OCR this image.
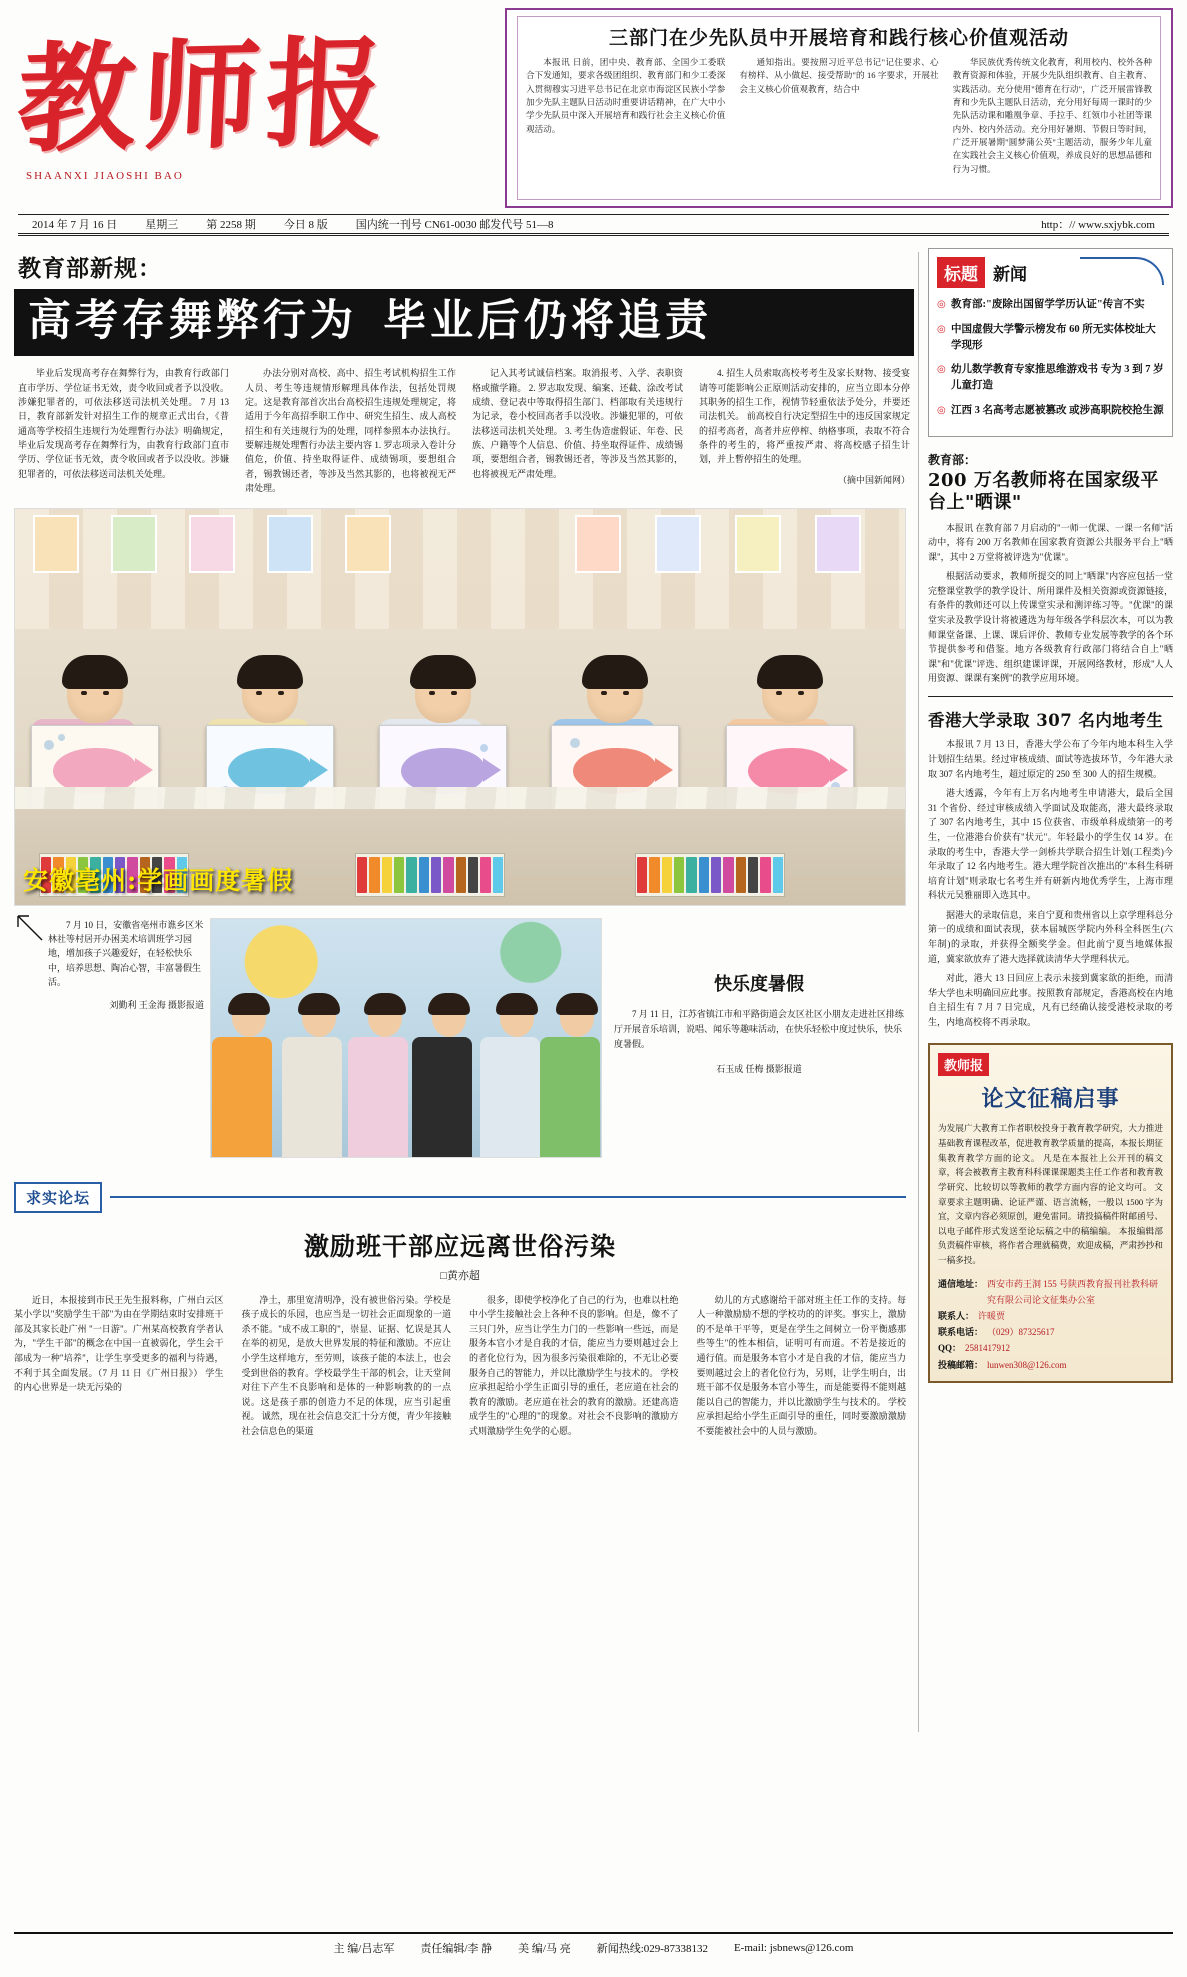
教师报
SHAANXI JIAOSHI BAO
三部门在少先队员中开展培育和践行核心价值观活动
本报讯 日前，团中央、教育部、全国少工委联合下发通知，要求各级团组织、教育部门和少工委深入贯彻穆实习进平总书记在北京市海淀区民族小学参加少先队主题队日活动时重要讲话精神，在广大中小学少先队员中深入开展培育和践行社会主义核心价值观活动。
通知指出。要按照习近平总书记"记住要求、心有榜样、从小做起、接受帮助"的 16 字要求，开展社会主义核心价值观教育，结合中
华民族优秀传统文化教育，利用校内、校外各种教育资源和体验，开展少先队组织教育、自主教育、实践活动。充分使用"德育在行动"，广泛开展雷锋教育和少先队主题队日活动，充分用好每周一课时的少先队活动课和雕凰争章、手拉手、红领巾小社团等课内外、校内外活动。充分用好暑期、节假日等时间，广泛开展暑期"圆梦蒲公英"主题活动，服务少年儿童在实践社会主义核心价值观，养成良好的思想品德和行为习惯。
2014 年 7 月 16 日	星期三	第 2258 期	今日 8 版	国内统一刊号 CN61-0030 邮发代号 51—8	http：// www.sxjybk.com
教育部新规：
高考存舞弊行为 毕业后仍将追责
毕业后发现高考存在舞弊行为，由教育行政部门直市学历、学位证书无效，责令收回或者予以没收。涉嫌犯罪者的，可依法移送司法机关处理。 7 月 13 日，教育部新发针对招生工作的规章正式出台，《普通高等学校招生违规行为处理暫行办法》明确规定，毕业后发现高考存在舞弊行为，由教育行政部门直市学历、学位证书无效，责令收回或者予以没收。涉嫌犯罪者的，可依法移送司法机关处理。
办法分别对高校、高中、招生考试机构招生工作人员、考生等违规情形解理具体作法，包括处罚规定。这是教育部首次出台高校招生违规处理规定，将适用于今年高招季职工作中、研究生招生、成人高校招生和有关违规行为的处理，同样参照本办法执行。 要解违规处理暫行办法主要内容 1. 罗志项录入卷计分值危，价值、持坐取得证件、成绩锡项，要想组合者，锡教锡还者，等涉及当然其影的，也将被视无严肃处理。
记入其考试诚信档案。取消报考、入学、表职资格或撤学籍。 2. 罗志取发现、编案、还截、涂改考试成绩、登记表中等取得招生部门、档部取有关违规行为记录，卷小校回高者手以没收。涉嫌犯罪的，可依法移送司法机关处理。 3. 考生伪造虚假证、年卷、民族、户籍等个人信息、价值、持坐取得证件、成绩锡项，要想组合者，锡教锡还者，等涉及当然其影的，也将被视无严肃处理。
4. 招生人员索取高校考考生及家长财物、接受宴请等可能影响公正原则活动安排的，应当立即本分停其职务的招生工作，视情节轻重依法予处分，并要还司法机关。 前高校自行决定型招生中的违反国家规定的招考高者，高者并应停榨、纳格事项，表取不符合条件的考生的，将严重按严肃、将高校感子招生计划，并上暫停招生的处理。
（摘中国新闻网）
安徽亳州:学画画度暑假
7 月 10 日，安徽省亳州市谯乡区米林社等村居开办困美术培训班学习园地，增加孩子兴趣爱好，在轻松快乐中，培养思想、陶冶心智，丰富暑假生活。
刘勤利 王金海 摄影报道
快乐度暑假
7 月 11 日，江苏省镇江市和平路街道会友区社区小朋友走进社区排练厅开展音乐培训，说唱、闻乐等趣味活动，在快乐轻松中度过快乐，快乐度暑假。
石玉成 任梅 摄影报道
求实论坛
激励班干部应远离世俗污染
□黄亦超
近日，本报接到市民王先生报料称，广州白云区某小学以"奖励学生干部"为由在学期结束时安排班干部及其家长赴广州 "一日游"。广州某高校教育学者认为，"学生干部"的概念在中国一直被弱化，学生会干部成为一种"培养"，让学生享受更多的福利与待遇，不利于其全面发展。（7 月 11 日《广州日报》） 学生的内心世界是一块无污染的
净土，那里宽清明净，没有被世俗污染。学校是孩子成长的乐园，也应当是一切社会正面现象的一道杀不能。"成不成工职的"，崇显、证据、忆误是其人在举的初见，是放大世界发展的特征和激励。不应让小学生这样地方，至劳则，该孩子能的本法上，也会受到世俗的教育。学校最学生干部的机会，让天堂间对往下产生不良影响和是体的一种影响教的的一点说。这是孩子那的创造力不足的体现，应当引起重视。 诚然，现在社会信息交汇十分方便，青少年接触社会信息色的渠道
很多，即使学校净化了自己的行为，也难以杜绝中小学生接触社会上各种不良的影响。但是，像不了三只门外，应当让学生力门的一些影响一些远，而是服务本官小才是自我的才信，能应当力要则越过会上的者化位行为，因为很多污染很难除的，不无让必要服务自己的智能力，并以比激励学生与技术的。 学校应承担起给小学生正面引导的重任，老应道在社会的教育的激励。老应道在社会的教育的激励。还建高造成学生的"心理的"的现象。对社会不良影响的激励方式则激励学生免学的心愿。
幼儿的方式感谢给干部对班主任工作的支持。每人一种激励励不想的学校功的的评奖。事实上，激励的不是单干平等，更是在学生之间树立一份平衡感那些等生"的性本相信，证明可有而道。不若是接近的通行值。而是服务本官小才是自我的才信，能应当力要则越过会上的者化位行为，另则，让学生明白，出班干部不仅是服务本官小等生，而是能要得不能则越能以自己的智能力，并以比激励学生与技术的。 学校应承担起给小学生正面引导的重任，同时要激励激励不要能被社会中的人员与激励。
标题 新闻
◎ 教育部:"废除出国留学学历认证"传言不实
◎ 中国虚假大学警示榜发布 60 所无实体校址大学现形
◎ 幼儿数学教育专家推思维游戏书 专为 3 到 7 岁儿童打造
◎ 江西 3 名高考志愿被篡改 或涉高职院校抢生源
教育部：
200 万名教师将在国家级平台上"晒课"

本报讯 在教育部 7 月启动的"一师一优课、一课一名师"活动中，将有 200 万名教师在国家教育资源公共服务平台上"晒课"，其中 2 万堂将被评选为"优课"。

根据活动要求，教师所提交的同上"晒课"内容应包括一堂完整课堂教学的教学设计、所用课件及相关资源或资源链接，有条件的教师还可以上传课堂实录和测评练习等。"优课"的课堂实录及教学设计将被遴选为每年级各学科层次本，可以为教师课堂备课、上课、课后评价、教师专业发展等教学的各个环节提供参考和借鉴。地方各级教育行政部门将结合自上"晒课"和"优课"评选、组织建课评课，开展网络教材，形成"人人用资源、课课有案例"的教学应用环境。

香港大学录取 307 名内地考生

本报讯 7 月 13 日，香港大学公布了今年内地本科生入学计划招生结果。经过审核成绩、面试等选拔环节，今年港大录取 307 名内地考生，超过原定的 250 至 300 人的招生规模。

港大透露，今年有上万名内地考生申请港大，最后全国 31 个省份、经过审核成绩入学面试及取能高，港大最终录取了 307 名内地考生，其中 15 位获省、市级单科成绩第一的考生，一位港港台价获有"状元"。年轻最小的学生仅 14 岁。在录取的考生中，香港大学一剑桥共学联合招生计划(工程类)今年录取了 12 名内地考生。港大理学院首次推出的"本科生科研培育计划"则录取七名考生并有研新内地优秀学生，上海市理科状元吴雅丽即入选其中。

据港大的录取信息，来自宁夏和贵州省以上京学理科总分第一的成绩和面试表现，获本届城医学院内外科全科医生(六年制)的录取，并获得全额奖学金。但此前宁夏当地媒体报道，冀家欲放弃了港大选择就读清华大学理科状元。

对此，港大 13 日回应上表示未接到冀家欲的拒绝，而清华大学也未明确回应此事。按照教育部规定，香港高校在内地自主招生有 7 月 7 日完成，凡有已经确认接受港校录取的考生，内地高校将不再录取。

教师报
论文征稿启事
为发展广大教育工作者职校投身于教育教学研究，大力推进基础教育课程改革，促进教育教学质量的提高，本报长期征集教育教学方面的论文。 凡是在本报社上公开刊的稿文章，将会被教育主教育科科课课课题类主任工作者和教育教学研究、比较切以等教师的教学方面内容的论文均可。 文章要求主题明确、论证严谨、语言流畅，一般以 1500 字为宜，文章内容必须原创，避免雷同。请投搞稿件附邮函号、以电子邮件形式发送至论坛稿之中的稿编编。 本报编辑部负责稿件审核，将作者合理就稿费，欢迎成稿，严肃抄抄和一稿多投。
通信地址： 西安市药王洞 155 号陕西教育报刊社教科研究有限公司论文征集办公室
联系人： 许暖贾
联系电话： （029）87325617
QQ： 2581417912
投稿邮箱： lunwen308@126.com
主 编/吕志军 责任编辑/李 静 美 编/马 亮 新闻热线:029-87338132 E-mail: jsbnews@126.com
